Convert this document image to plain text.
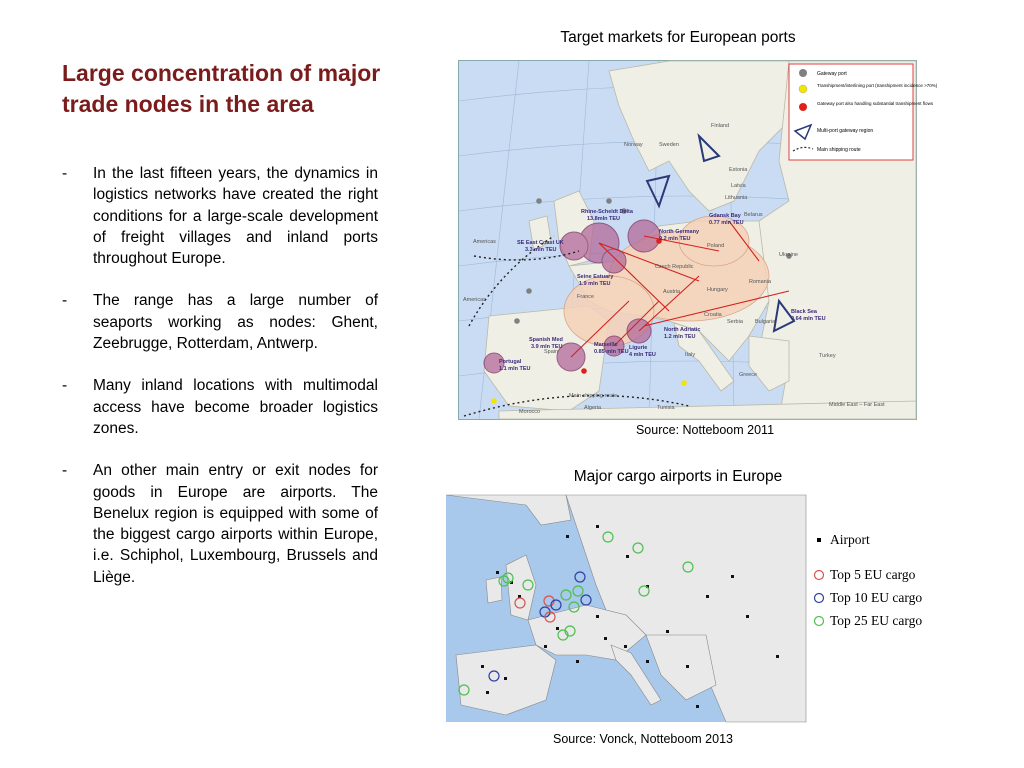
Large concentration of major trade nodes in the area
- In the last fifteen years, the dynamics in logistics networks have created the right conditions for a large-scale development of freight villages and inland ports throughout Europe.
- The range has a large number of seaports working as nodes: Ghent, Zeebrugge, Rotterdam, Antwerp.
- Many inland locations with multimodal access have become broader logistics zones.
- An other main entry or exit nodes for goods in Europe are airports. The Benelux region is equipped with some of the biggest cargo airports within Europe, i.e. Schiphol, Luxembourg, Brussels and Liège.
Target markets for European ports
Rhine-Scheldt Delta
13.8mln TEU
SE East Coast UK
3.3 mln TEU
Seine Estuary
1.9 mln TEU
North Germany
9.2 mln TEU
Gdansk Bay
0.77 mln TEU
Spanish Med
3.9 mln TEU	Marseille
0.85 mln TEU
Ligurie
4 mln TEU
North Adriatic
1.2 mln TEU
Black Sea
0.64 mln TEU
Portugal
1.1 mln TEU
Americas
Americas
Main shipping route
Middle East – Far East
Norway	Sweden
Finland
Estonia
Latvia
Lithuania
Belarus
Ukraine
Poland
Czech Republic
Austria	Hungary
Romania
France
Spain	Italy
Serbia Bulgaria
Turkey
Greece
Croatia
Algeria	Tunisia
Morocco
Gateway port
Transhipment/interlining port (transhipment incidence >70%)
Gateway port also handling substantial transhipment flows
Multi-port gateway region
Main shipping route
Source: Notteboom 2011
Major cargo airports in Europe
Airport
Top 5 EU cargo
Top 10 EU cargo
Top 25 EU cargo
Source: Vonck, Notteboom 2013
